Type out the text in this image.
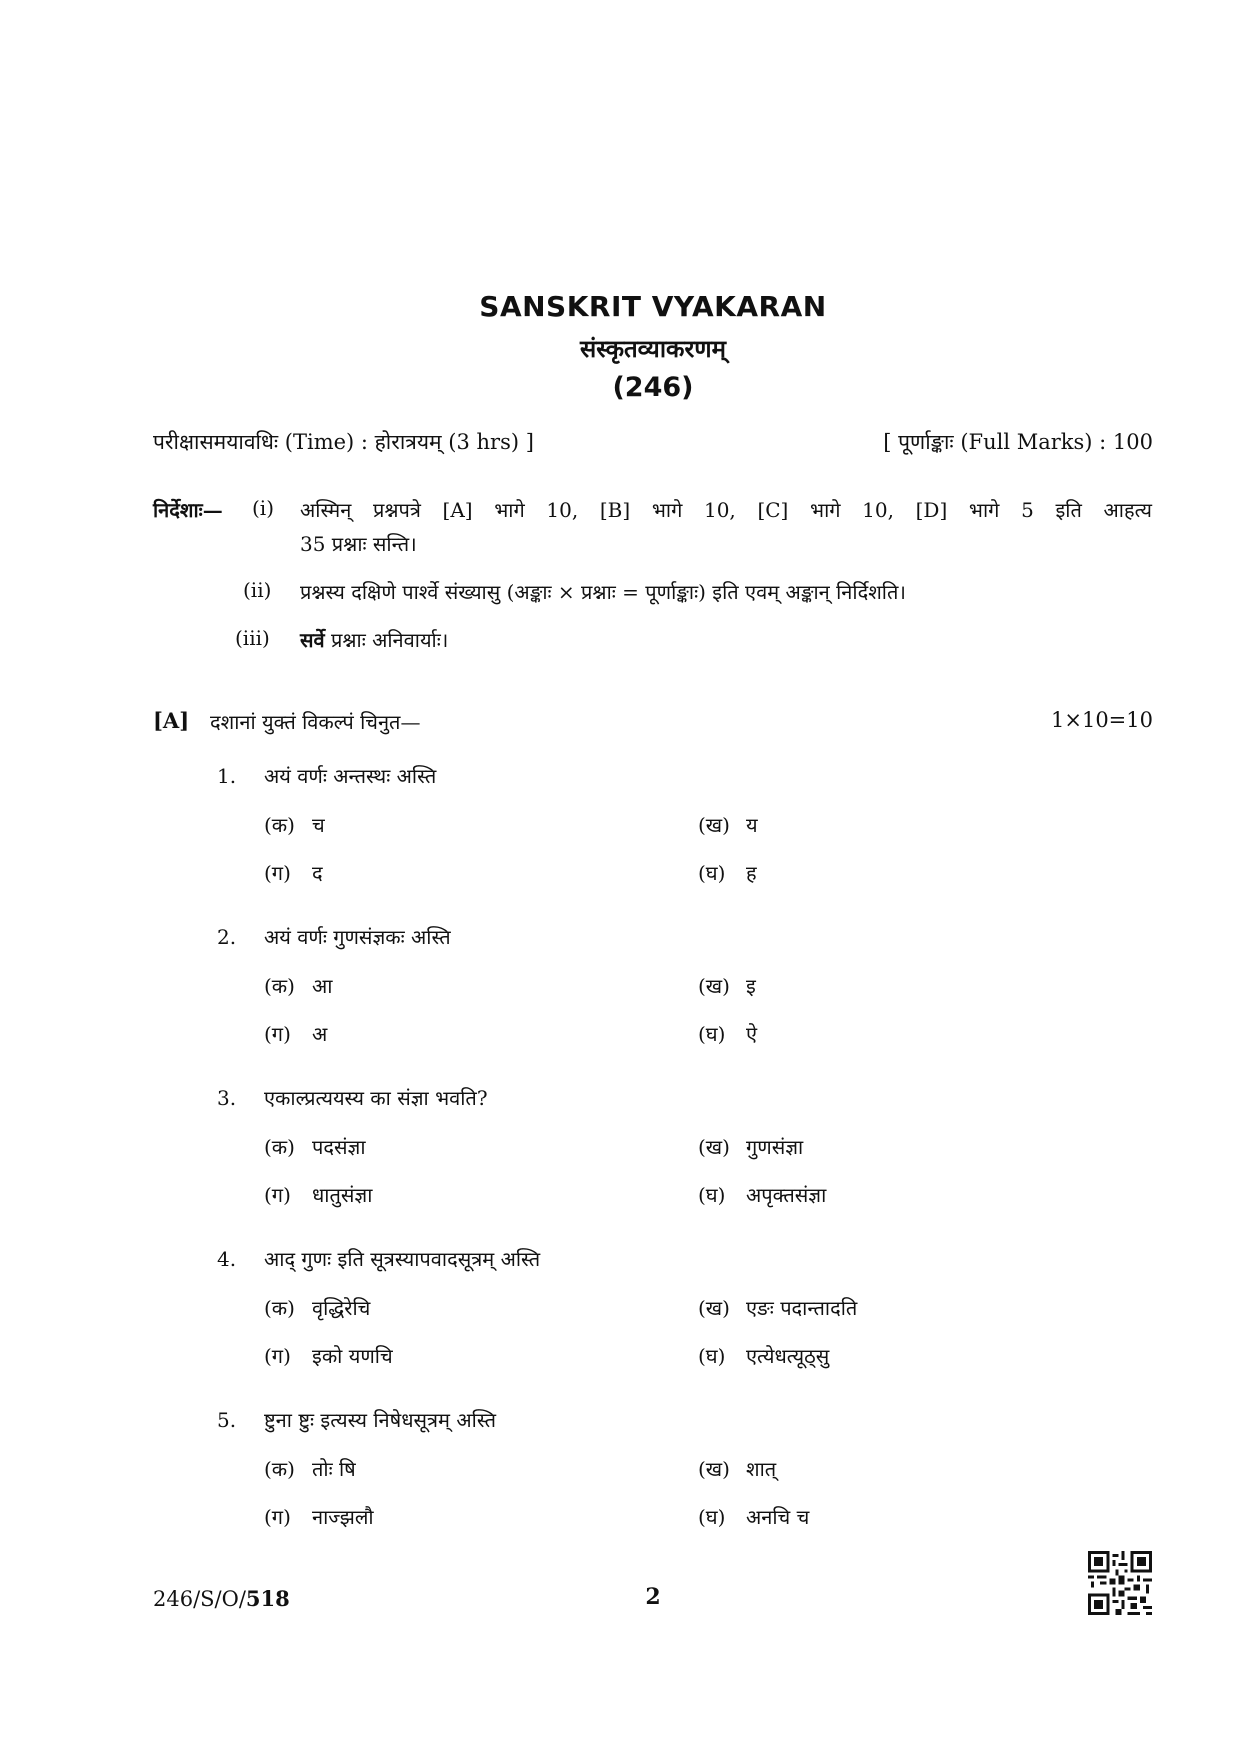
SANSKRIT VYAKARAN
संस्कृतव्याकरणम्
(246)
परीक्षासमयावधिः (Time) : होरात्रयम् (3 hrs) ]	[ पूर्णाङ्काः (Full Marks) : 100
निर्देशाः— (i) अस्मिन् प्रश्नपत्रे [A] भागे 10, [B] भागे 10, [C] भागे 10, [D] भागे 5 इति आहत्य
35 प्रश्नाः सन्ति।
(ii) प्रश्नस्य दक्षिणे पार्श्वे संख्यासु (अङ्काः × प्रश्नाः = पूर्णाङ्काः) इति एवम् अङ्कान् निर्दिशति।
(iii) सर्वे प्रश्नाः अनिवार्याः।
[A] दशानां युक्तं विकल्पं चिनुत—	1×10=10
1. अयं वर्णः अन्तस्थः अस्ति
(क) च	(ख) य
(ग) द	(घ) ह
2. अयं वर्णः गुणसंज्ञकः अस्ति
(क) आ	(ख) इ
(ग) अ	(घ) ऐ
3. एकाल्प्रत्ययस्य का संज्ञा भवति?
(क) पदसंज्ञा	(ख) गुणसंज्ञा
(ग) धातुसंज्ञा	(घ) अपृक्तसंज्ञा
4. आद् गुणः इति सूत्रस्यापवादसूत्रम् अस्ति
(क) वृद्धिरेचि	(ख) एङः पदान्तादति
(ग) इको यणचि	(घ) एत्येधत्यूठ्सु
5. ष्टुना ष्टुः इत्यस्य निषेधसूत्रम् अस्ति
(क) तोः षि	(ख) शात्
(ग) नाज्झलौ	(घ) अनचि च
246/S/O/518	2
